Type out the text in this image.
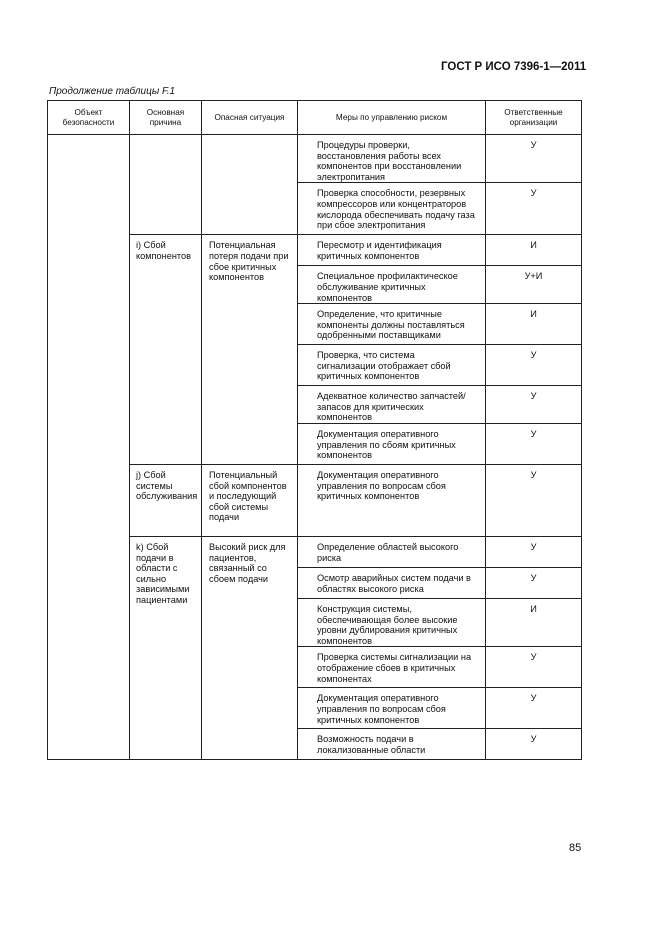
ГОСТ Р ИСО 7396-1—2011
Продолжение таблицы F.1
Объект безопасности	Основная причина	Опасная ситуация	Меры по управлению риском	Ответственные организации

			Процедуры проверки, восстановления работы всех компонентов при восстановлении электропитания	У

			Проверка способности, резервных компрессоров или концентраторов кислорода обеспечивать подачу газа при сбое электропитания	У

	i) Сбой компонентов	Потенциальная потеря подачи при сбое критичных компонентов	Пересмотр и идентификация критичных компонентов	И

			Специальное профилактическое обслуживание критичных компонентов	У+И

			Определение, что критичные компоненты должны поставляться одобренными поставщиками	И

			Проверка, что система сигнализации отображает сбой критичных компонентов	У

			Адекватное количество запчастей/запасов для критических компонентов	У

			Документация оперативного управления по сбоям критичных компонентов	У

	j) Сбой системы обслуживания	Потенциальный сбой компонентов и последующий сбой системы подачи	Документация оперативного управления по вопросам сбоя критичных компонентов	У

	k) Сбой подачи в области с сильно зависимыми пациентами	Высокий риск для пациентов, связанный со сбоем подачи	Определение областей высокого риска	У

			Осмотр аварийных систем подачи в областях высокого риска	У

			Конструкция системы, обеспечивающая более высокие уровни дублирования критичных компонентов	И

			Проверка системы сигнализации на отображение сбоев в критичных компонентах	У

			Документация оперативного управления по вопросам сбоя критичных компонентов	У

			Возможность подачи в локализованные области	У
85
